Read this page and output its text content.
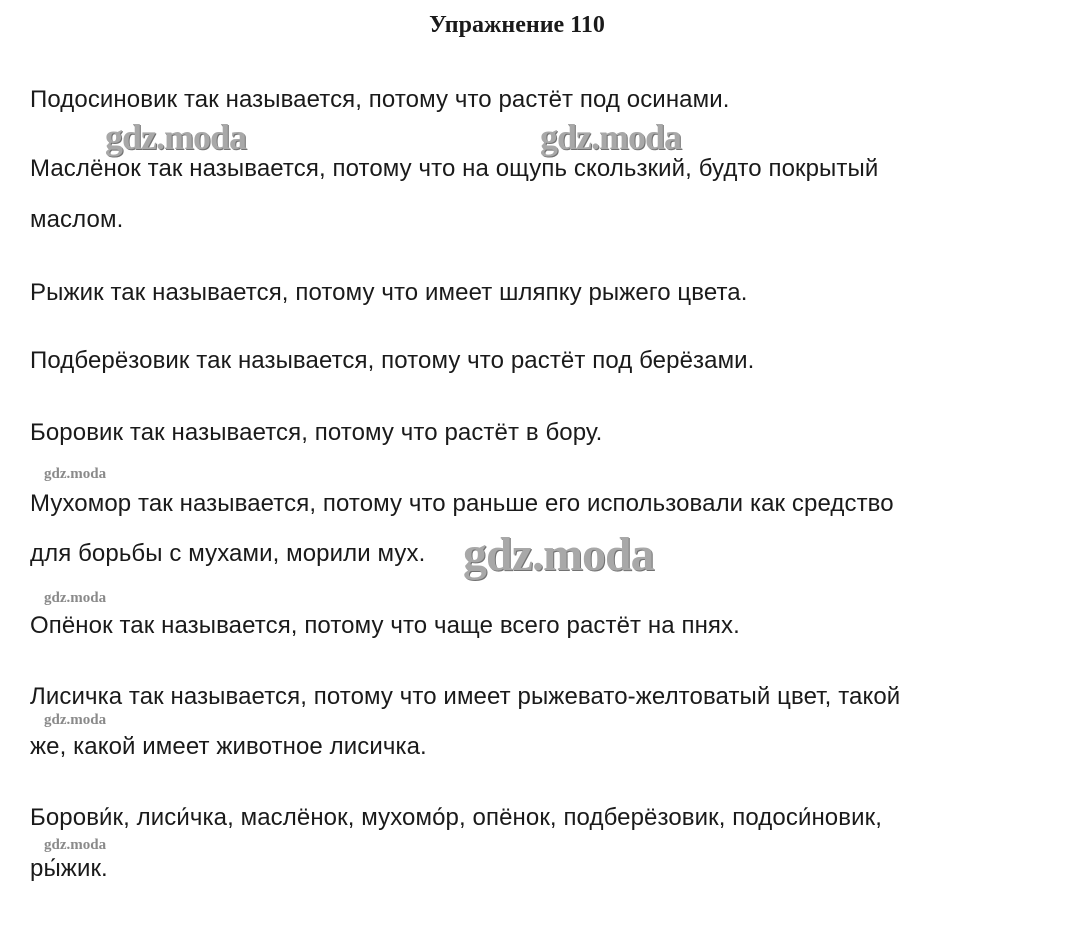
Упражнение 110
Подосиновик так называется, потому что растёт под осинами.
Маслёнок так называется, потому что на ощупь скользкий, будто покрытый
маслом.
Рыжик так называется, потому что имеет шляпку рыжего цвета.
Подберёзовик так называется, потому что растёт под берёзами.
Боровик так называется, потому что растёт в бору.
Мухомор так называется, потому что раньше его использовали как средство
для борьбы с мухами, морили мух.
Опёнок так называется, потому что чаще всего растёт на пнях.
Лисичка так называется, потому что имеет рыжевато-желтоватый цвет, такой
же, какой имеет животное лисичка.
Борови́к, лиси́чка, маслёнок, мухомо́р, опёнок, подберёзовик, подоси́новик,
ры́жик.
gdz.moda	gdz.moda
gdz.moda
gdz.moda
gdz.moda
gdz.moda
gdz.moda
